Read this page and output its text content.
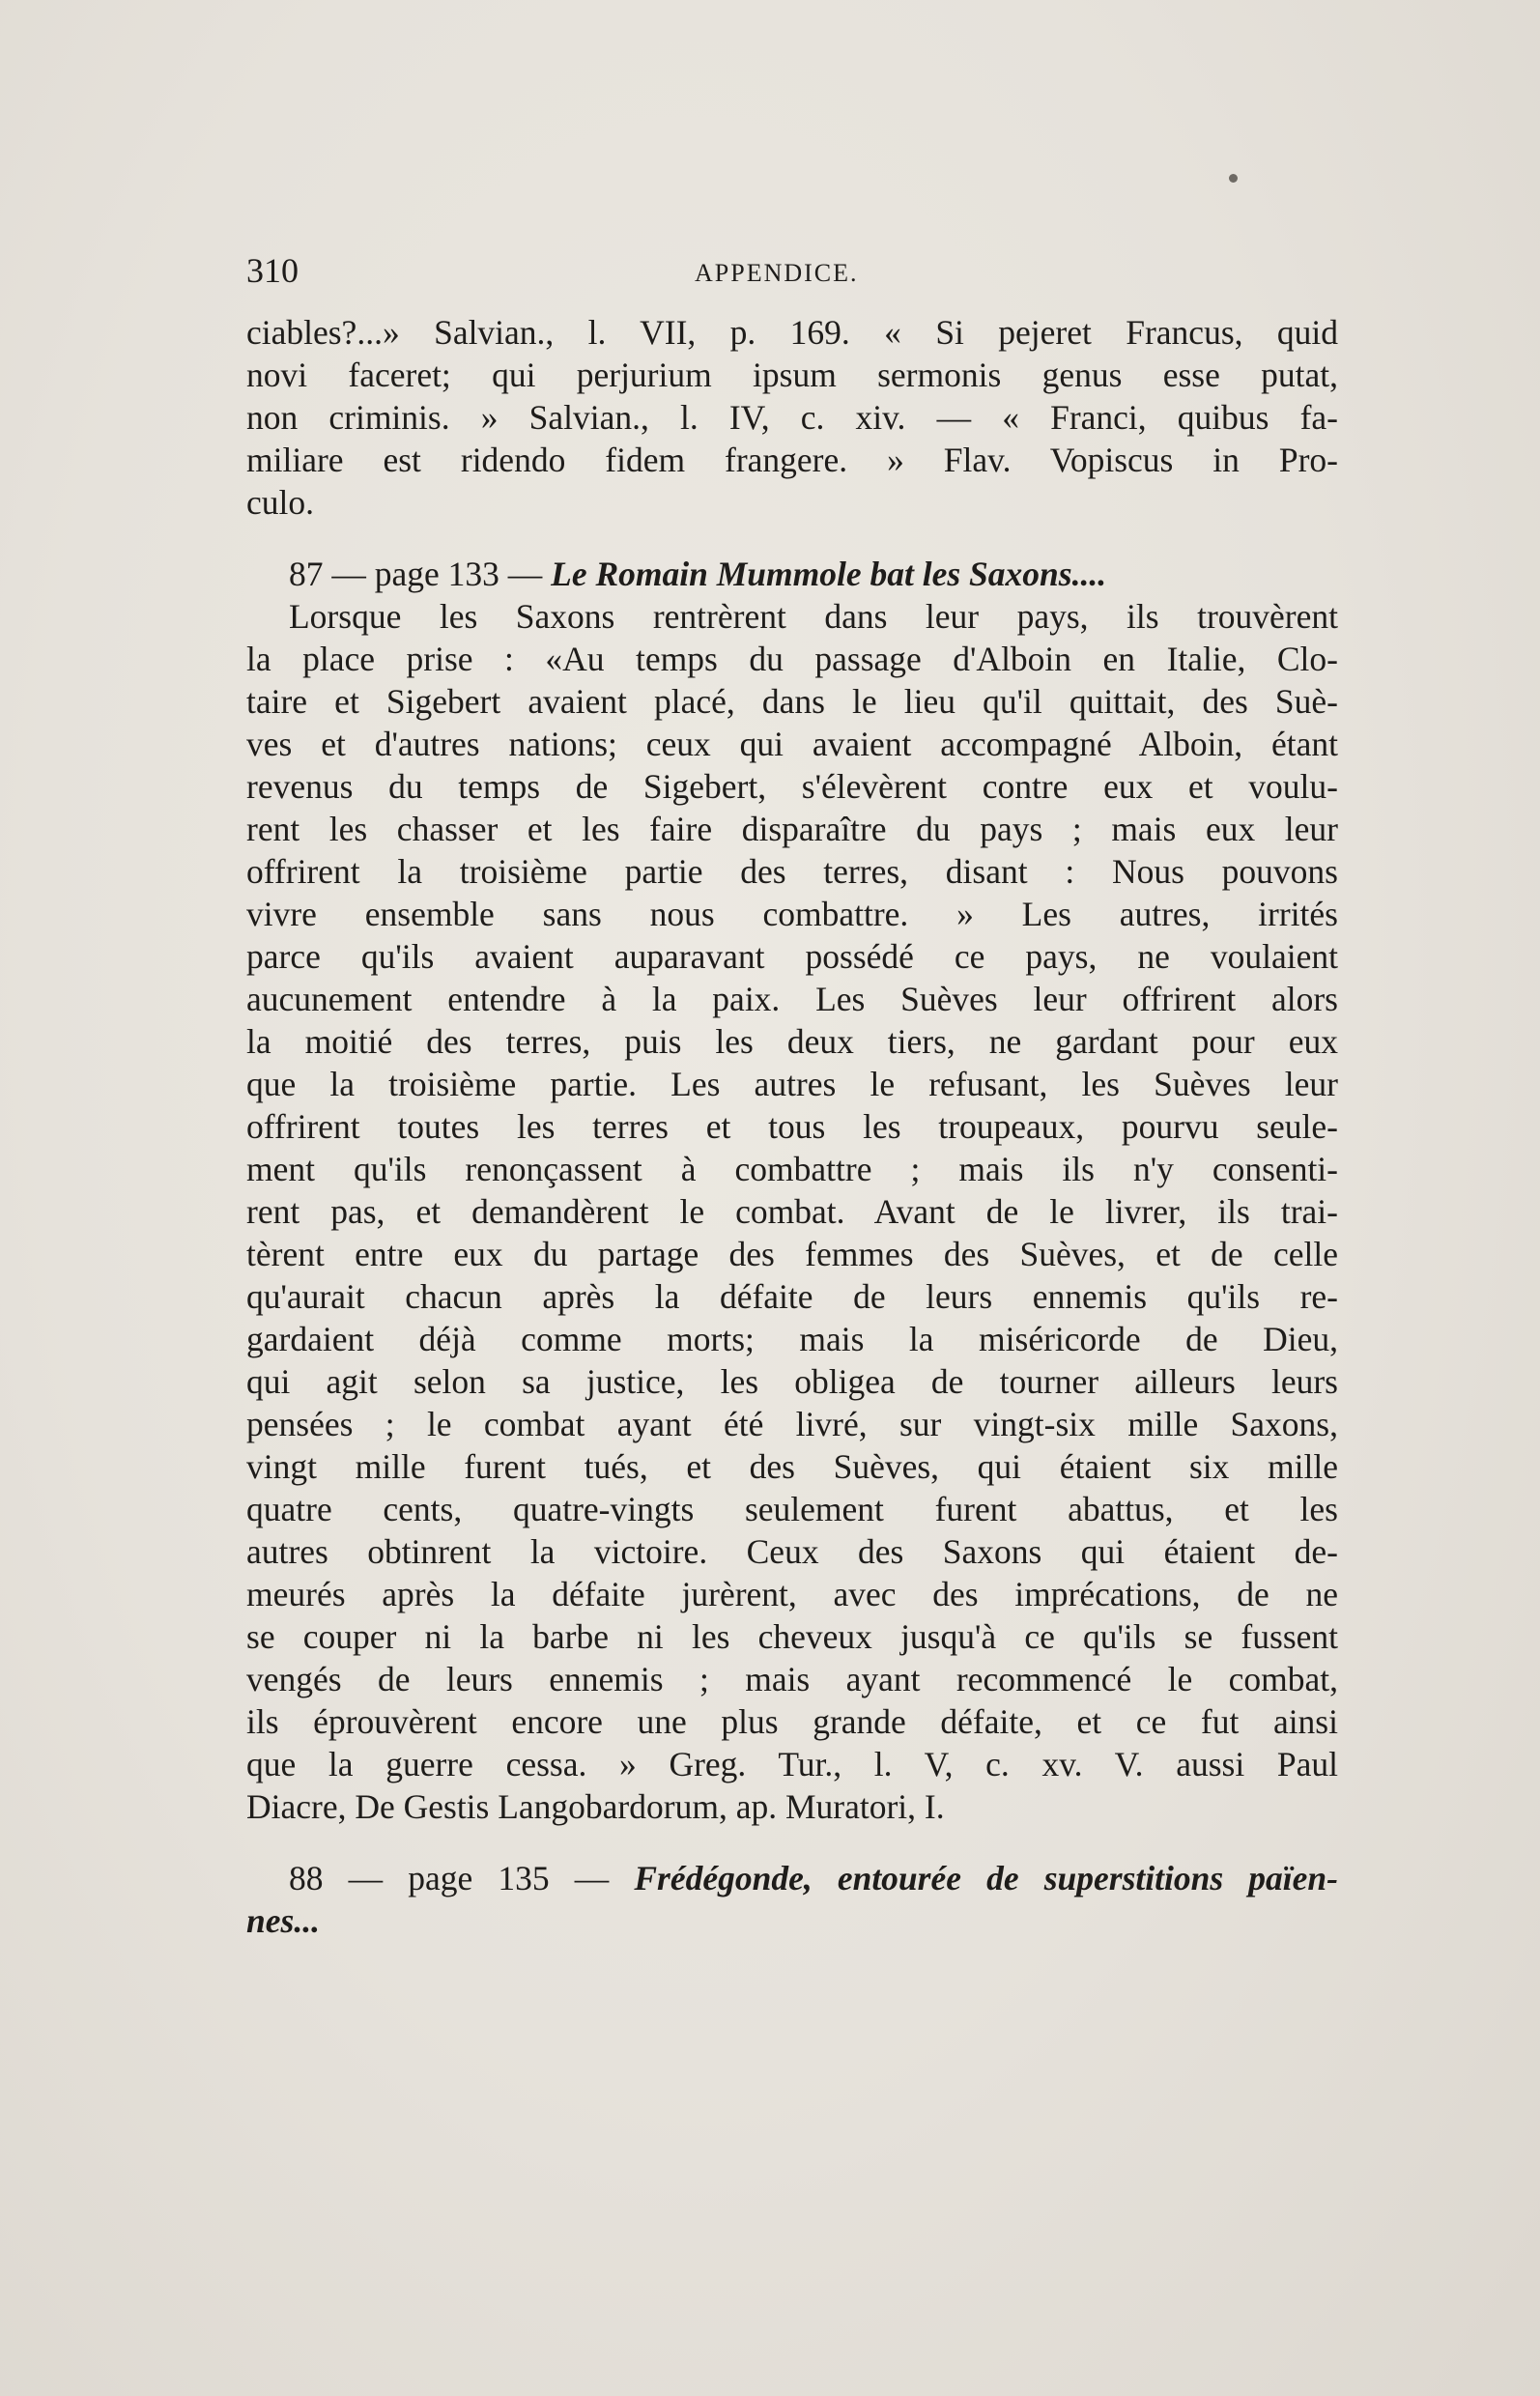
310	APPENDICE.
ciables?...» Salvian., l. VII, p. 169. « Si pejeret Francus, quid
novi faceret; qui perjurium ipsum sermonis genus esse putat,
non criminis. » Salvian., l. IV, c. xiv. — « Franci, quibus fa-
miliare est ridendo fidem frangere. » Flav. Vopiscus in Pro-
culo.
87 — page 133 — Le Romain Mummole bat les Saxons....
Lorsque les Saxons rentrèrent dans leur pays, ils trouvèrent
la place prise : «Au temps du passage d'Alboin en Italie, Clo-
taire et Sigebert avaient placé, dans le lieu qu'il quittait, des Suè-
ves et d'autres nations; ceux qui avaient accompagné Alboin, étant
revenus du temps de Sigebert, s'élevèrent contre eux et voulu-
rent les chasser et les faire disparaître du pays ; mais eux leur
offrirent la troisième partie des terres, disant : Nous pouvons
vivre ensemble sans nous combattre. » Les autres, irrités
parce qu'ils avaient auparavant possédé ce pays, ne voulaient
aucunement entendre à la paix. Les Suèves leur offrirent alors
la moitié des terres, puis les deux tiers, ne gardant pour eux
que la troisième partie. Les autres le refusant, les Suèves leur
offrirent toutes les terres et tous les troupeaux, pourvu seule-
ment qu'ils renonçassent à combattre ; mais ils n'y consenti-
rent pas, et demandèrent le combat. Avant de le livrer, ils trai-
tèrent entre eux du partage des femmes des Suèves, et de celle
qu'aurait chacun après la défaite de leurs ennemis qu'ils re-
gardaient déjà comme morts; mais la miséricorde de Dieu,
qui agit selon sa justice, les obligea de tourner ailleurs leurs
pensées ; le combat ayant été livré, sur vingt-six mille Saxons,
vingt mille furent tués, et des Suèves, qui étaient six mille
quatre cents, quatre-vingts seulement furent abattus, et les
autres obtinrent la victoire. Ceux des Saxons qui étaient de-
meurés après la défaite jurèrent, avec des imprécations, de ne
se couper ni la barbe ni les cheveux jusqu'à ce qu'ils se fussent
vengés de leurs ennemis ; mais ayant recommencé le combat,
ils éprouvèrent encore une plus grande défaite, et ce fut ainsi
que la guerre cessa. » Greg. Tur., l. V, c. xv. V. aussi Paul
Diacre, De Gestis Langobardorum, ap. Muratori, I.
88 — page 135 — Frédégonde, entourée de superstitions païen-
nes...
